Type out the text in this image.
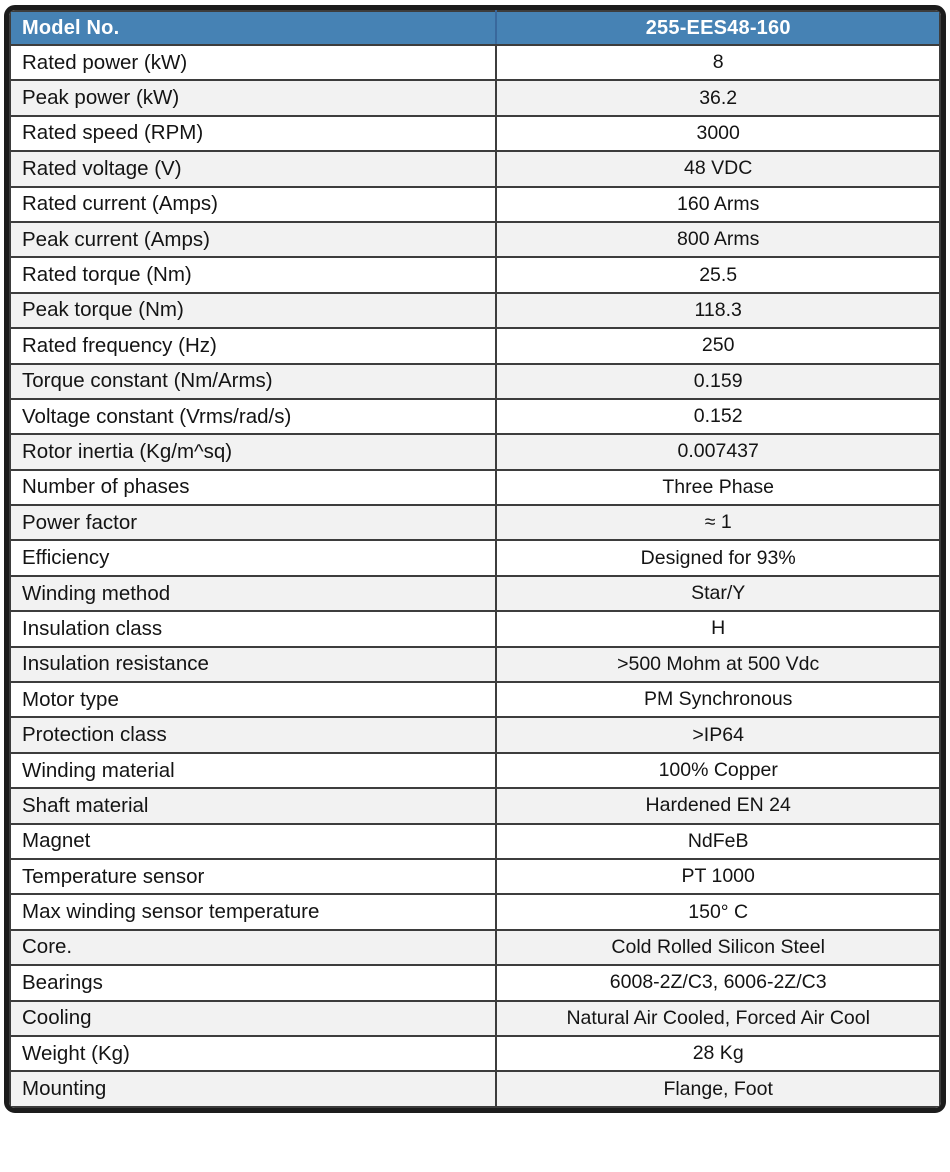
Model No.	255-EES48-160
Rated power (kW)	8
Peak power (kW)	36.2
Rated speed (RPM)	3000
Rated voltage (V)	48 VDC
Rated current (Amps)	160 Arms
Peak current (Amps)	800 Arms
Rated torque (Nm)	25.5
Peak torque (Nm)	118.3
Rated frequency (Hz)	250
Torque constant (Nm/Arms)	0.159
Voltage constant (Vrms/rad/s)	0.152
Rotor inertia (Kg/m^sq)	0.007437
Number of phases	Three Phase
Power factor	≈ 1
Efficiency	Designed for 93%
Winding method	Star/Y
Insulation class	H
Insulation resistance	>500 Mohm at 500 Vdc
Motor type	PM Synchronous
Protection class	>IP64
Winding material	100% Copper
Shaft material	Hardened EN 24
Magnet	NdFeB
Temperature sensor	PT 1000
Max winding sensor temperature	150° C
Core.	Cold Rolled Silicon Steel
Bearings	6008-2Z/C3, 6006-2Z/C3
Cooling	Natural Air Cooled, Forced Air Cool
Weight (Kg)	28 Kg
Mounting	Flange, Foot
